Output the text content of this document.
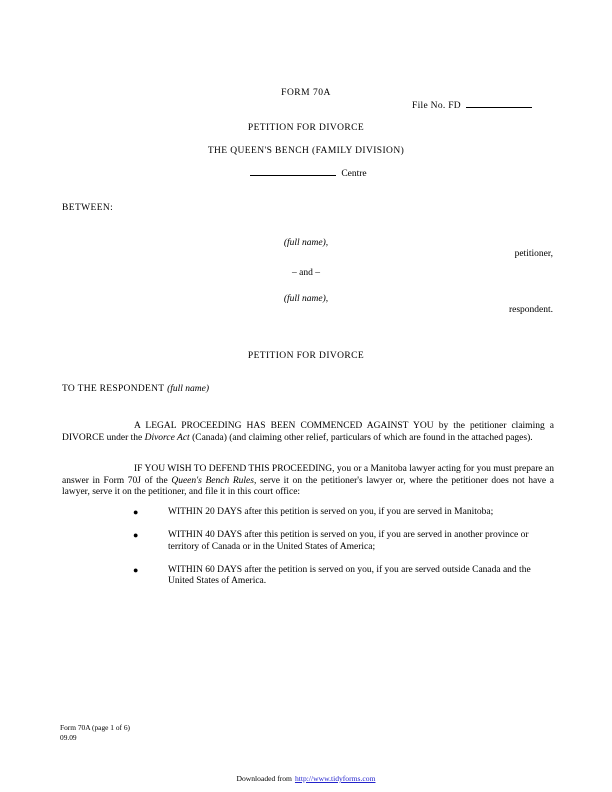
FORM 70A
File No. FD
PETITION FOR DIVORCE
THE QUEEN'S BENCH (FAMILY DIVISION)
Centre
BETWEEN:
(full name),
petitioner,
– and –
(full name),
respondent.
PETITION FOR DIVORCE
TO THE RESPONDENT (full name)
A LEGAL PROCEEDING HAS BEEN COMMENCED AGAINST YOU by the petitioner claiming a DIVORCE under the Divorce Act (Canada) (and claiming other relief, particulars of which are found in the attached pages).
IF YOU WISH TO DEFEND THIS PROCEEDING, you or a Manitoba lawyer acting for you must prepare an answer in Form 70J of the Queen's Bench Rules, serve it on the petitioner's lawyer or, where the petitioner does not have a lawyer, serve it on the petitioner, and file it in this court office:
●	WITHIN 20 DAYS after this petition is served on you, if you are served in Manitoba;
●	WITHIN 40 DAYS after this petition is served on you, if you are served in another province or territory of Canada or in the United States of America;
●	WITHIN 60 DAYS after the petition is served on you, if you are served outside Canada and the United States of America.
Form 70A (page 1 of 6)
09.09
Downloaded from http://www.tidyforms.com
